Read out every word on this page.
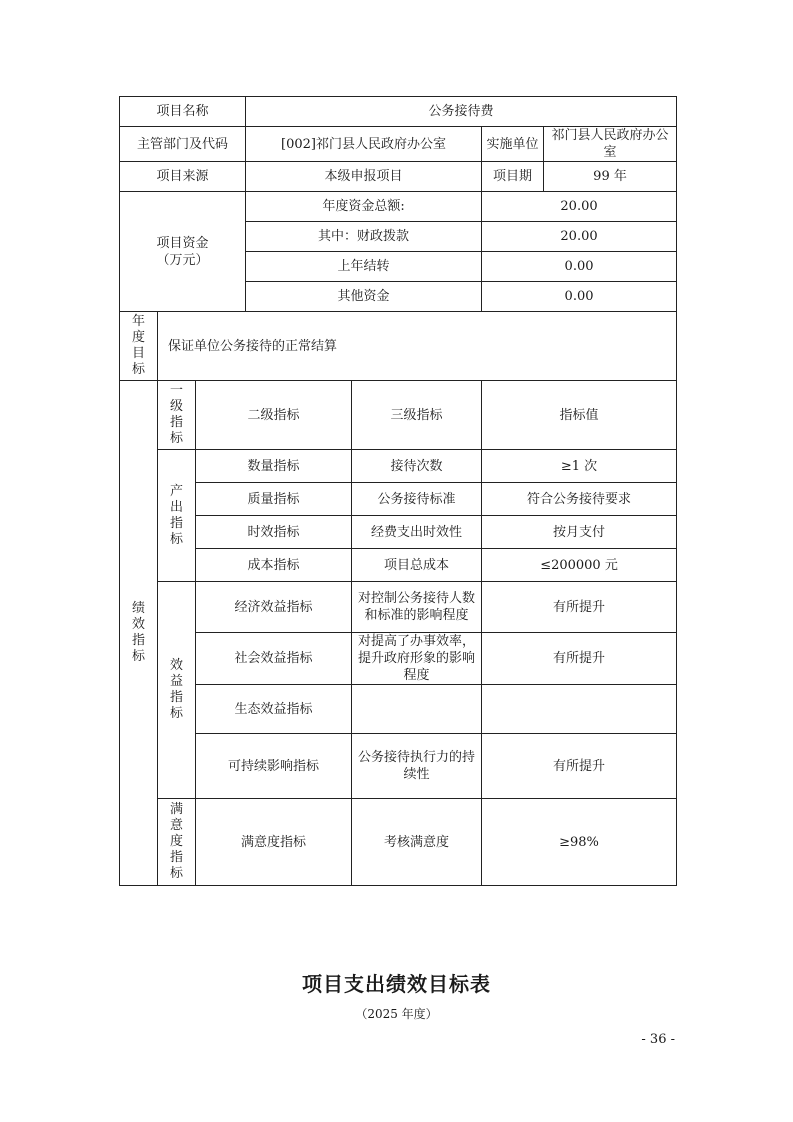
项目名称			公务接待费			
主管部门及代码			[002]祁门县人民政府办公室		实施单位	祁门县人民政府办公室
项目来源			本级申报项目		项目期	99 年
项目资金（万元）			年度资金总额:		20.00	
			其中：财政拨款		20.00	
			上年结转		0.00	
			其他资金		0.00	
年度目标	保证单位公务接待的正常结算					
绩效指标	一级指标	二级指标		三级指标	指标值	
	产出指标	数量指标		接待次数	≥1 次	
		质量指标		公务接待标准	符合公务接待要求	
		时效指标		经费支出时效性	按月支付	
		成本指标		项目总成本	≤200000 元	
	效益指标	经济效益指标		对控制公务接待人数和标准的影响程度	有所提升	
		社会效益指标		对提高了办事效率，提升政府形象的影响程度	有所提升	
		生态效益指标				
		可持续影响指标		公务接待执行力的持续性	有所提升	
	满意度指标	满意度指标		考核满意度	≥98%	
项目支出绩效目标表
（2025 年度）
- 36 -
